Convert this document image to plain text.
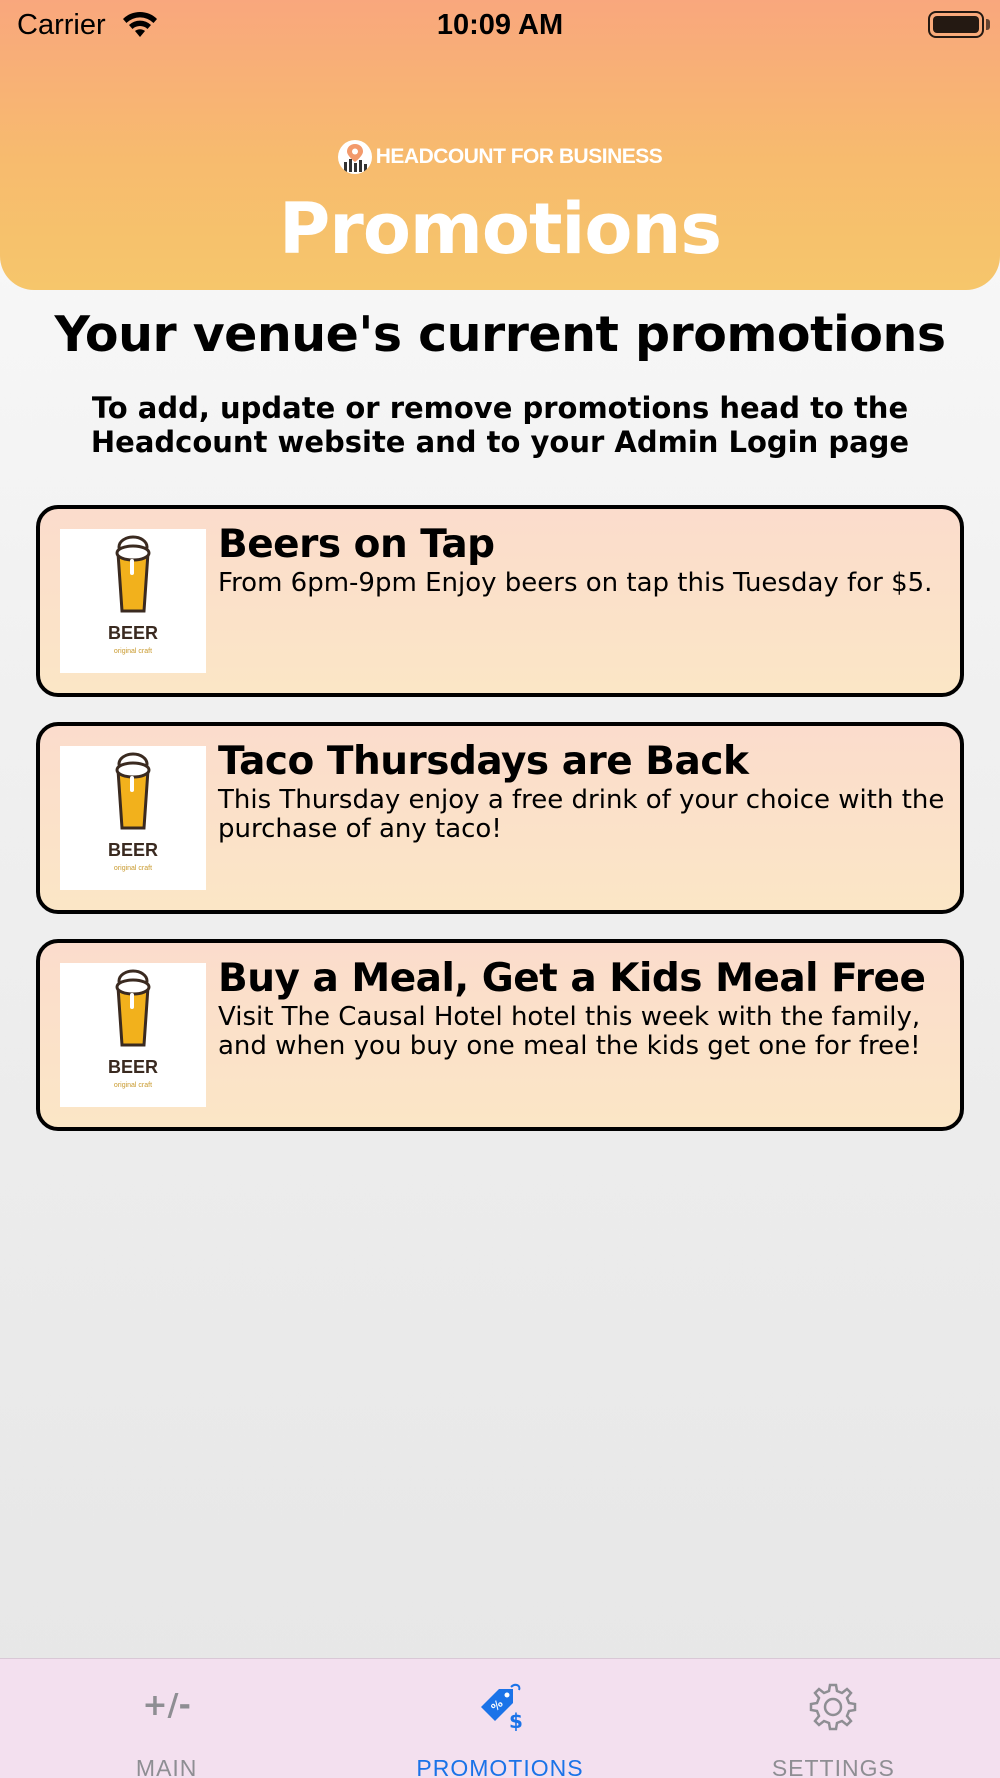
Carrier	10:09 AM
HEADCOUNT FOR BUSINESS
Promotions
Your venue's current promotions
To add, update or remove promotions head to the Headcount website and to your Admin Login page
BEER
original craft
Beers on Tap
From 6pm-9pm Enjoy beers on tap this Tuesday for $5.
BEER
original craft
Taco Thursdays are Back
This Thursday enjoy a free drink of your choice with the purchase of any taco!
BEER
original craft
Buy a Meal, Get a Kids Meal Free
Visit The Causal Hotel hotel this week with the family, and when you buy one meal the kids get one for free!
+/-
MAIN
%
$
PROMOTIONS	SETTINGS
